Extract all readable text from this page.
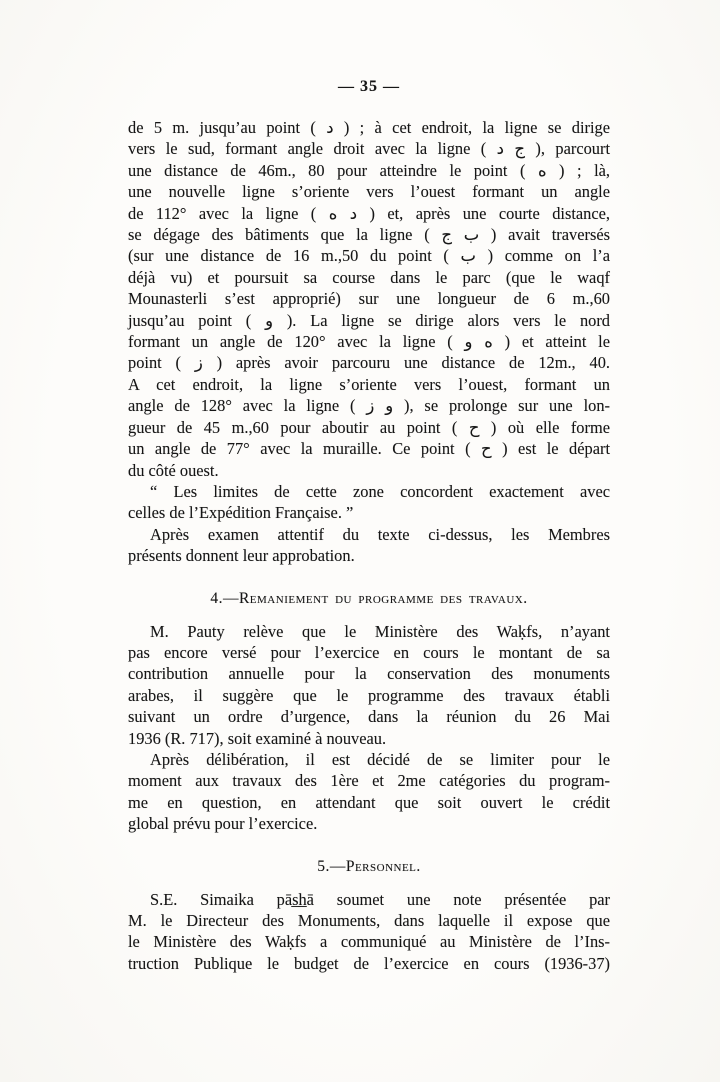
— 35 —

de 5 m. jusqu’au point ( د ) ; à cet endroit, la ligne se dirige
vers le sud, formant angle droit avec la ligne ( ج د ), parcourt
une distance de 46m., 80 pour atteindre le point ( ه ) ; là,
une nouvelle ligne s’oriente vers l’ouest formant un angle
de 112° avec la ligne ( د ه ) et, après une courte distance,
se dégage des bâtiments que la ligne ( ب ج ) avait traversés
(sur une distance de 16 m.,50 du point ( ب ) comme on l’a
déjà vu) et poursuit sa course dans le parc (que le waqf
Mounasterli s’est approprié) sur une longueur de 6 m.,60
jusqu’au point ( و ). La ligne se dirige alors vers le nord
formant un angle de 120° avec la ligne ( ه و ) et atteint le
point ( ز ) après avoir parcouru une distance de 12m., 40.
A cet endroit, la ligne s’oriente vers l’ouest, formant un
angle de 128° avec la ligne ( و ز ), se prolonge sur une lon-
gueur de 45 m.,60 pour aboutir au point ( ح ) où elle forme
un angle de 77° avec la muraille. Ce point ( ح ) est le départ
du côté ouest.

“ Les limites de cette zone concordent exactement avec
celles de l’Expédition Française. ”

Après examen attentif du texte ci-dessus, les Membres
présents donnent leur approbation.

4.—Remaniement du programme des travaux.

M. Pauty relève que le Ministère des Waḳfs, n’ayant
pas encore versé pour l’exercice en cours le montant de sa
contribution annuelle pour la conservation des monuments
arabes, il suggère que le programme des travaux établi
suivant un ordre d’urgence, dans la réunion du 26 Mai
1936 (R. 717), soit examiné à nouveau.

Après délibération, il est décidé de se limiter pour le
moment aux travaux des 1ère et 2me catégories du program-
me en question, en attendant que soit ouvert le crédit
global prévu pour l’exercice.

5.—Personnel.

S.E. Simaika pās̲h̲ā soumet une note présentée par
M. le Directeur des Monuments, dans laquelle il expose que
le Ministère des Waḳfs a communiqué au Ministère de l’Ins-
truction Publique le budget de l’exercice en cours (1936-37)
